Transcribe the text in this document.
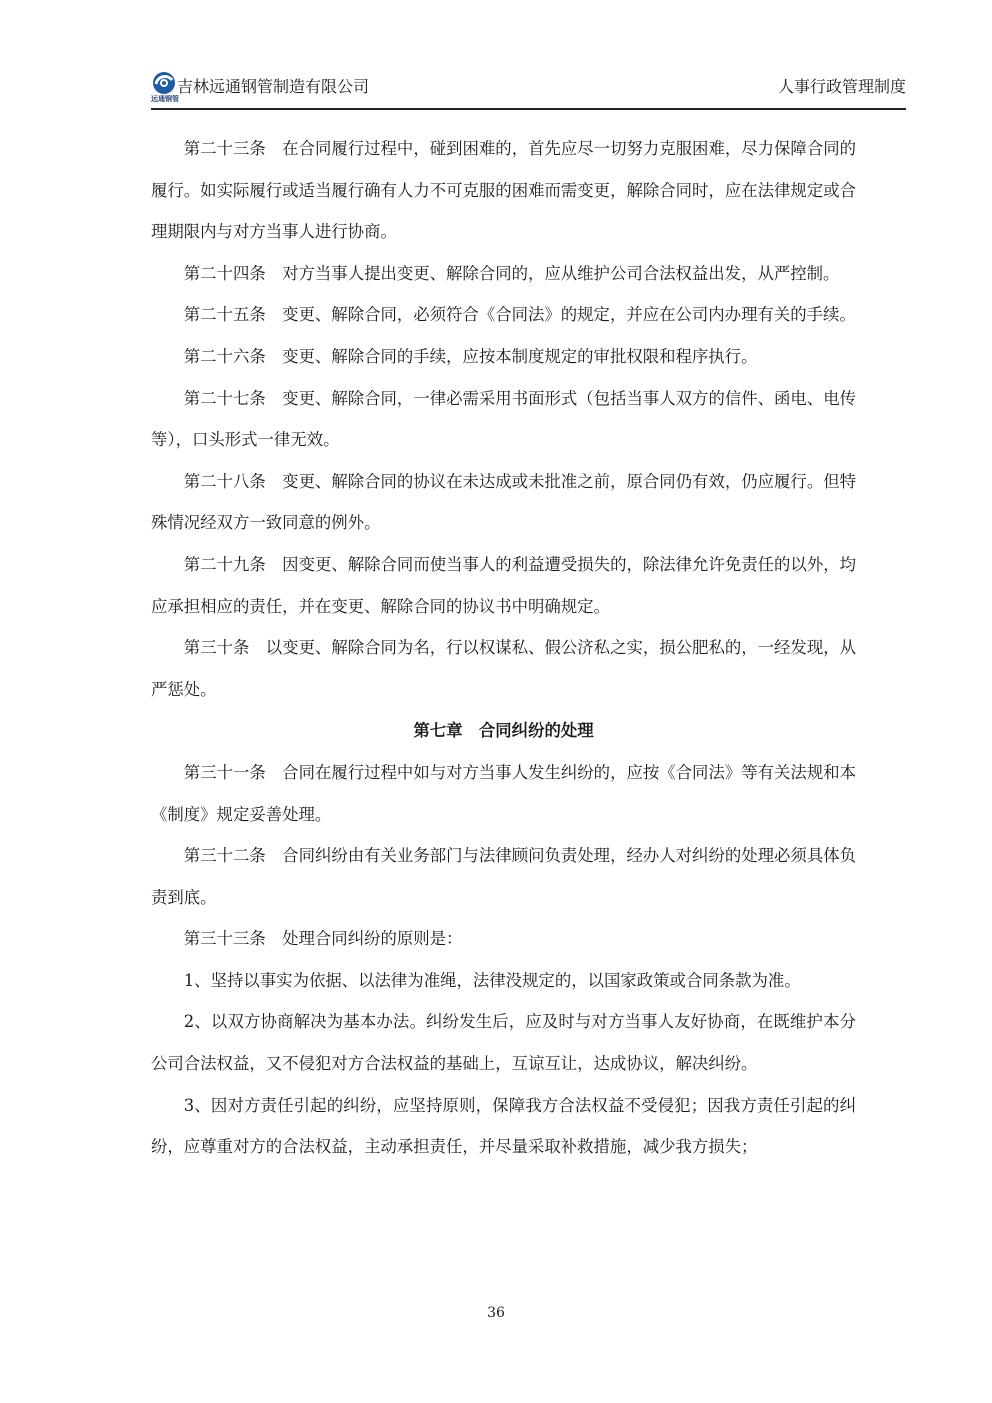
远通钢管
吉林远通钢管制造有限公司	人事行政管理制度

第二十三条　在合同履行过程中，碰到困难的，首先应尽一切努力克服困难，尽力保障合同的履行。如实际履行或适当履行确有人力不可克服的困难而需变更，解除合同时，应在法律规定或合理期限内与对方当事人进行协商。

第二十四条　对方当事人提出变更、解除合同的，应从维护公司合法权益出发，从严控制。

第二十五条　变更、解除合同，必须符合《合同法》的规定，并应在公司内办理有关的手续。

第二十六条　变更、解除合同的手续，应按本制度规定的审批权限和程序执行。

第二十七条　变更、解除合同，一律必需采用书面形式（包括当事人双方的信件、函电、电传等），口头形式一律无效。

第二十八条　变更、解除合同的协议在未达成或未批准之前，原合同仍有效，仍应履行。但特殊情况经双方一致同意的例外。

第二十九条　因变更、解除合同而使当事人的利益遭受损失的，除法律允许免责任的以外，均应承担相应的责任，并在变更、解除合同的协议书中明确规定。

第三十条　以变更、解除合同为名，行以权谋私、假公济私之实，损公肥私的，一经发现，从严惩处。

第七章　合同纠纷的处理

第三十一条　合同在履行过程中如与对方当事人发生纠纷的，应按《合同法》等有关法规和本《制度》规定妥善处理。

第三十二条　合同纠纷由有关业务部门与法律顾问负责处理，经办人对纠纷的处理必须具体负责到底。

第三十三条　处理合同纠纷的原则是：

1、坚持以事实为依据、以法律为准绳，法律没规定的，以国家政策或合同条款为准。

2、以双方协商解决为基本办法。纠纷发生后，应及时与对方当事人友好协商，在既维护本分公司合法权益，又不侵犯对方合法权益的基础上，互谅互让，达成协议，解决纠纷。

3、因对方责任引起的纠纷，应坚持原则，保障我方合法权益不受侵犯；因我方责任引起的纠纷，应尊重对方的合法权益，主动承担责任，并尽量采取补救措施，减少我方损失；

36
